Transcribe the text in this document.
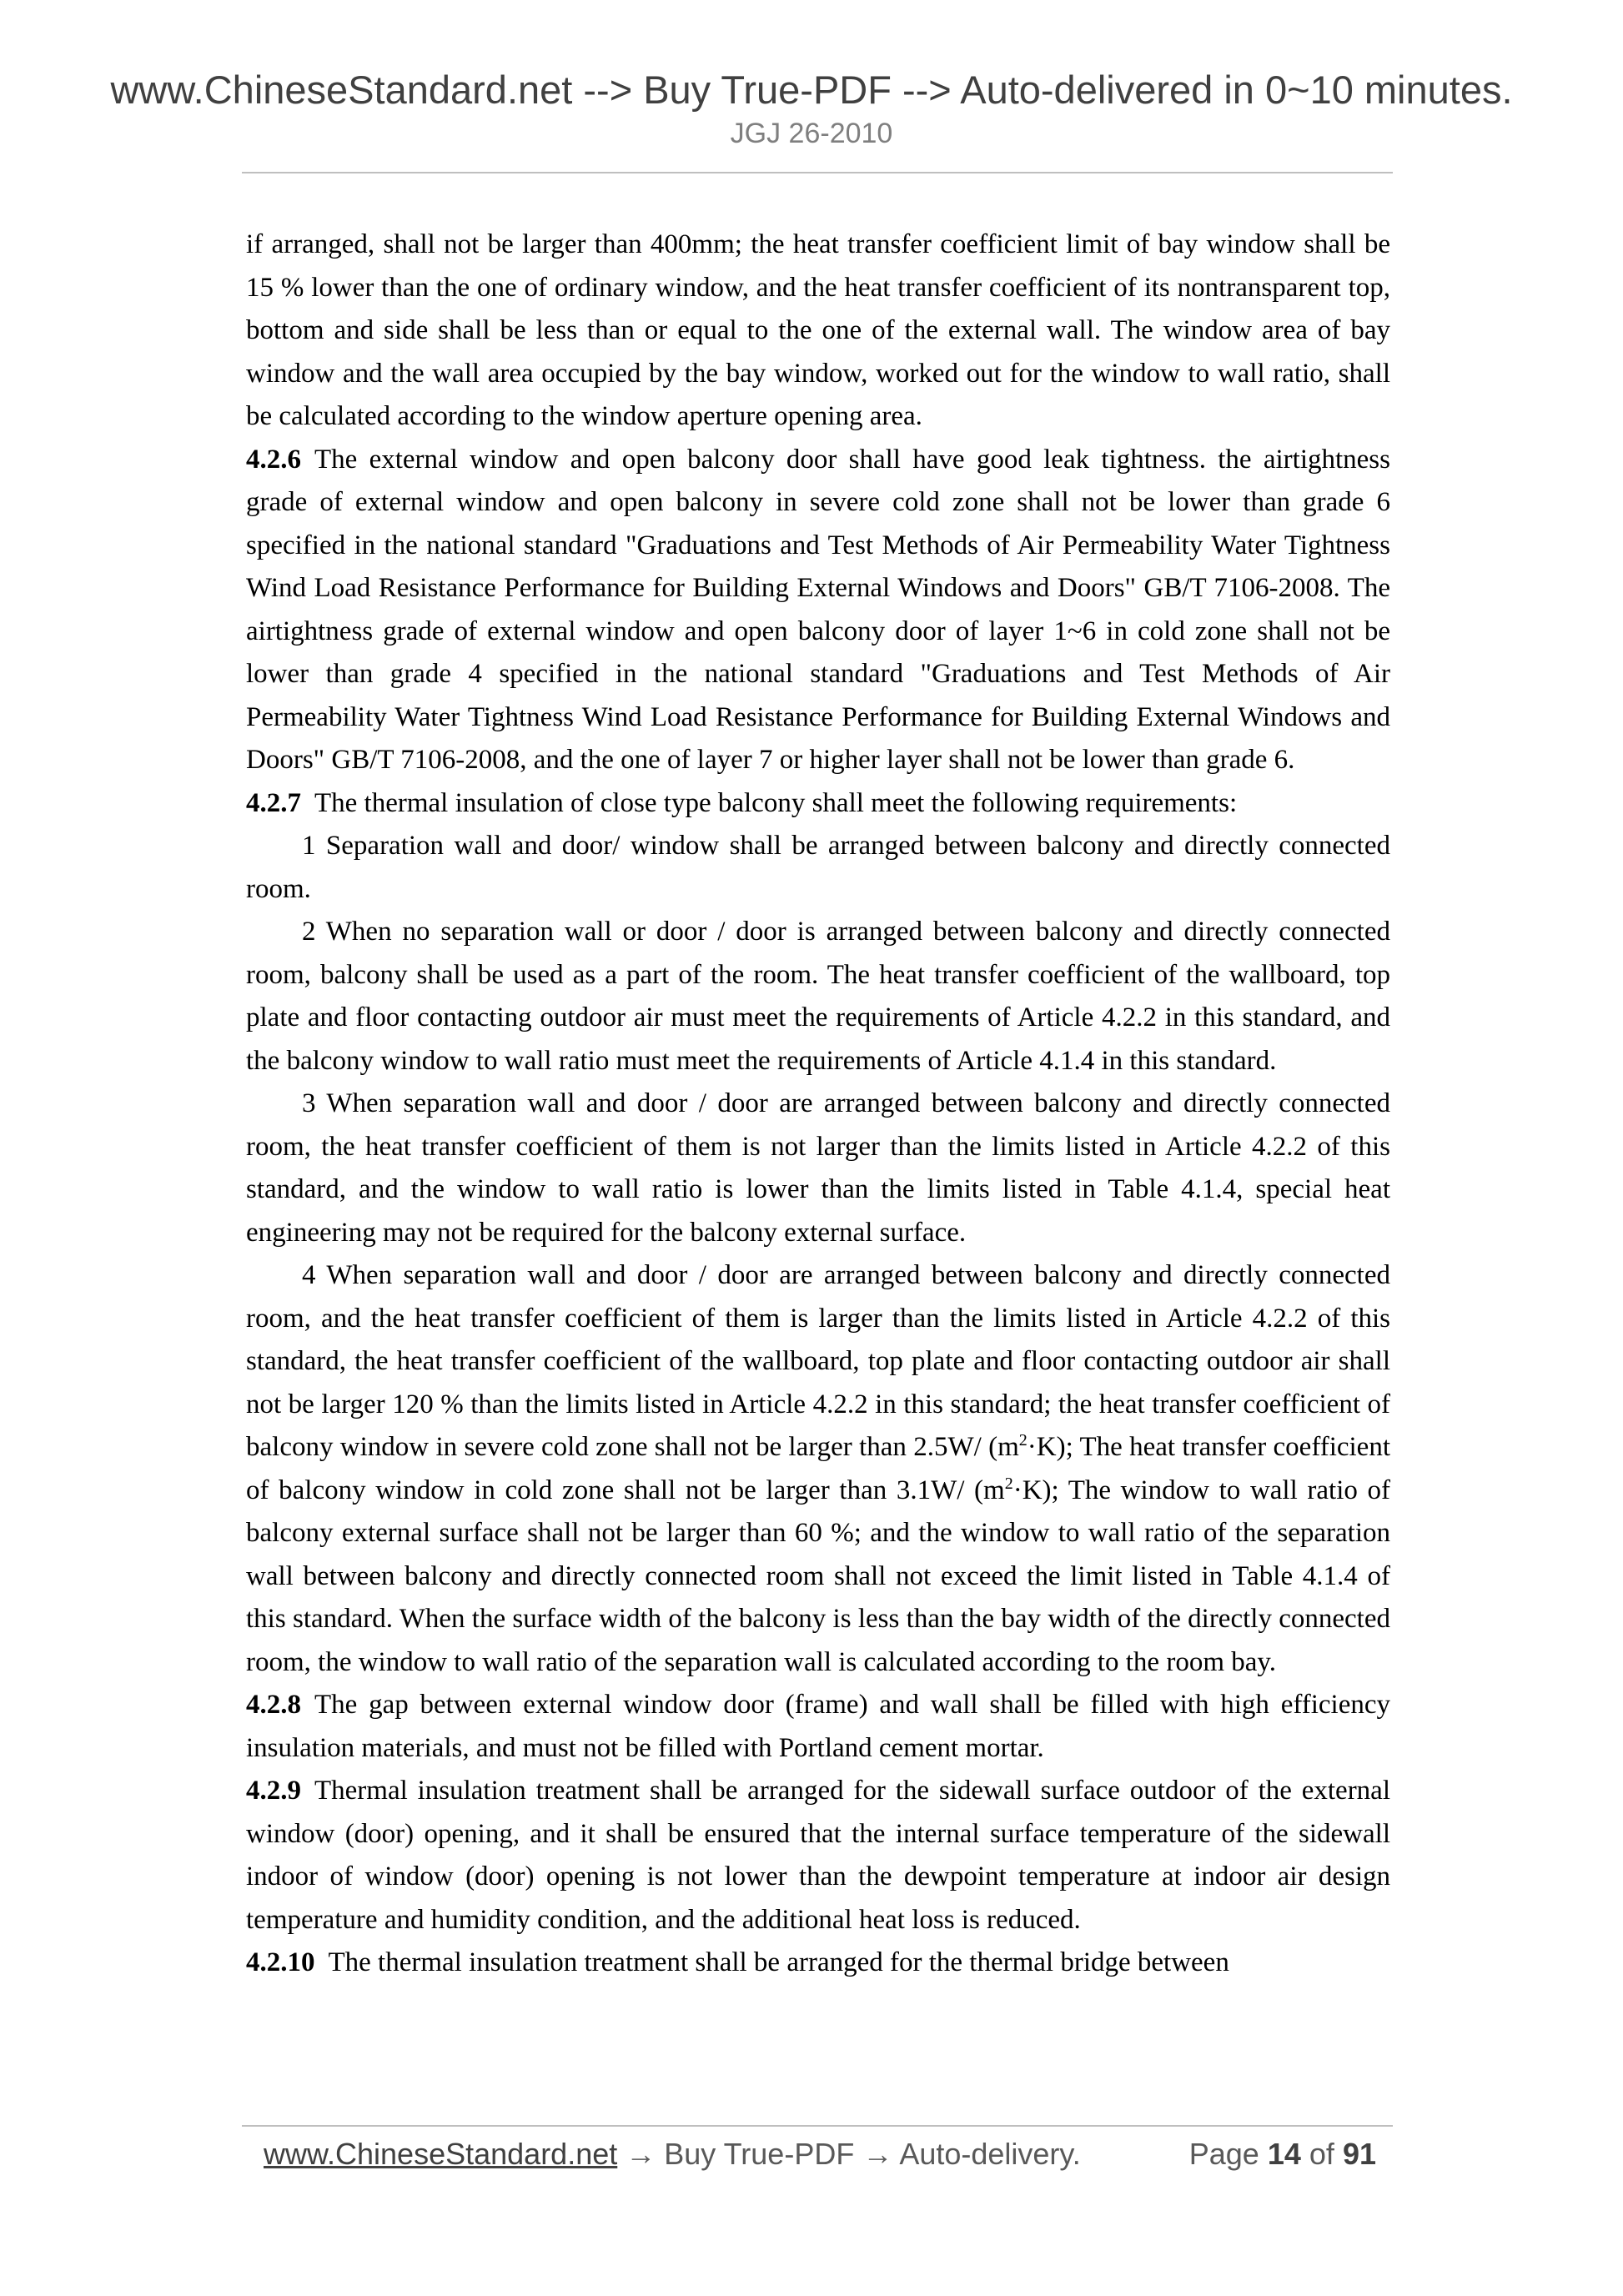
www.ChineseStandard.net --> Buy True-PDF --> Auto-delivered in 0~10 minutes.
JGJ 26-2010

if arranged, shall not be larger than 400mm; the heat transfer coefficient limit of bay window shall be 15 % lower than the one of ordinary window, and the heat transfer coefficient of its nontransparent top, bottom and side shall be less than or equal to the one of the external wall. The window area of bay window and the wall area occupied by the bay window, worked out for the window to wall ratio, shall be calculated according to the window aperture opening area.

4.2.6 The external window and open balcony door shall have good leak tightness. the airtightness grade of external window and open balcony in severe cold zone shall not be lower than grade 6 specified in the national standard "Graduations and Test Methods of Air Permeability Water Tightness Wind Load Resistance Performance for Building External Windows and Doors" GB/T 7106-2008. The airtightness grade of external window and open balcony door of layer 1~6 in cold zone shall not be lower than grade 4 specified in the national standard "Graduations and Test Methods of Air Permeability Water Tightness Wind Load Resistance Performance for Building External Windows and Doors" GB/T 7106-2008, and the one of layer 7 or higher layer shall not be lower than grade 6.

4.2.7 The thermal insulation of close type balcony shall meet the following requirements:

1 Separation wall and door/ window shall be arranged between balcony and directly connected room.

2 When no separation wall or door / door is arranged between balcony and directly connected room, balcony shall be used as a part of the room. The heat transfer coefficient of the wallboard, top plate and floor contacting outdoor air must meet the requirements of Article 4.2.2 in this standard, and the balcony window to wall ratio must meet the requirements of Article 4.1.4 in this standard.

3 When separation wall and door / door are arranged between balcony and directly connected room, the heat transfer coefficient of them is not larger than the limits listed in Article 4.2.2 of this standard, and the window to wall ratio is lower than the limits listed in Table 4.1.4, special heat engineering may not be required for the balcony external surface.

4 When separation wall and door / door are arranged between balcony and directly connected room, and the heat transfer coefficient of them is larger than the limits listed in Article 4.2.2 of this standard, the heat transfer coefficient of the wallboard, top plate and floor contacting outdoor air shall not be larger 120 % than the limits listed in Article 4.2.2 in this standard; the heat transfer coefficient of balcony window in severe cold zone shall not be larger than 2.5W/ $(m^2\cdot K)$; The heat transfer coefficient of balcony window in cold zone shall not be larger than 3.1W/ $(m^2\cdot K)$; The window to wall ratio of balcony external surface shall not be larger than 60 %; and the window to wall ratio of the separation wall between balcony and directly connected room shall not exceed the limit listed in Table 4.1.4 of this standard. When the surface width of the balcony is less than the bay width of the directly connected room, the window to wall ratio of the separation wall is calculated according to the room bay.

4.2.8 The gap between external window door (frame) and wall shall be filled with high efficiency insulation materials, and must not be filled with Portland cement mortar.

4.2.9 Thermal insulation treatment shall be arranged for the sidewall surface outdoor of the external window (door) opening, and it shall be ensured that the internal surface temperature of the sidewall indoor of window (door) opening is not lower than the dewpoint temperature at indoor air design temperature and humidity condition, and the additional heat loss is reduced.

4.2.10 The thermal insulation treatment shall be arranged for the thermal bridge between

www.ChineseStandard.net → Buy True-PDF → Auto-delivery.	Page 14 of 91
